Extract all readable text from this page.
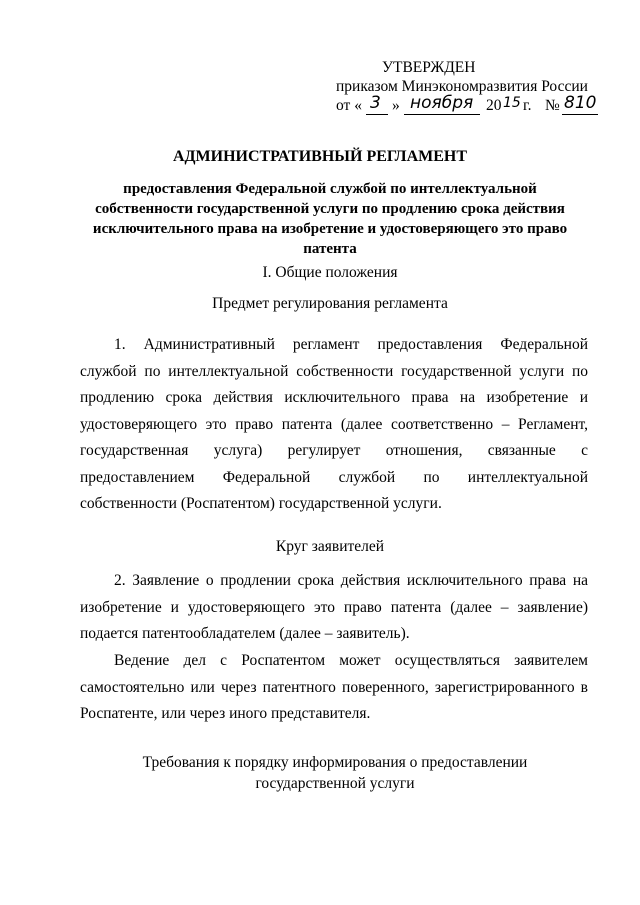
УТВЕРЖДЕН
приказом Минэкономразвития России
от « 3 » ноября 20 15 г. № 810
АДМИНИСТРАТИВНЫЙ РЕГЛАМЕНТ
предоставления Федеральной службой по интеллектуальной собственности государственной услуги по продлению срока действия исключительного права на изобретение и удостоверяющего это право патента
I. Общие положения
Предмет регулирования регламента
1. Административный регламент предоставления Федеральной службой по интеллектуальной собственности государственной услуги по продлению срока действия исключительного права на изобретение и удостоверяющего это право патента (далее соответственно – Регламент, государственная услуга) регулирует отношения, связанные с предоставлением Федеральной службой по интеллектуальной собственности (Роспатентом) государственной услуги.
Круг заявителей
2. Заявление о продлении срока действия исключительного права на изобретение и удостоверяющего это право патента (далее – заявление) подается патентообладателем (далее – заявитель).
Ведение дел с Роспатентом может осуществляться заявителем самостоятельно или через патентного поверенного, зарегистрированного в Роспатенте, или через иного представителя.
Требования к порядку информирования о предоставлении государственной услуги
